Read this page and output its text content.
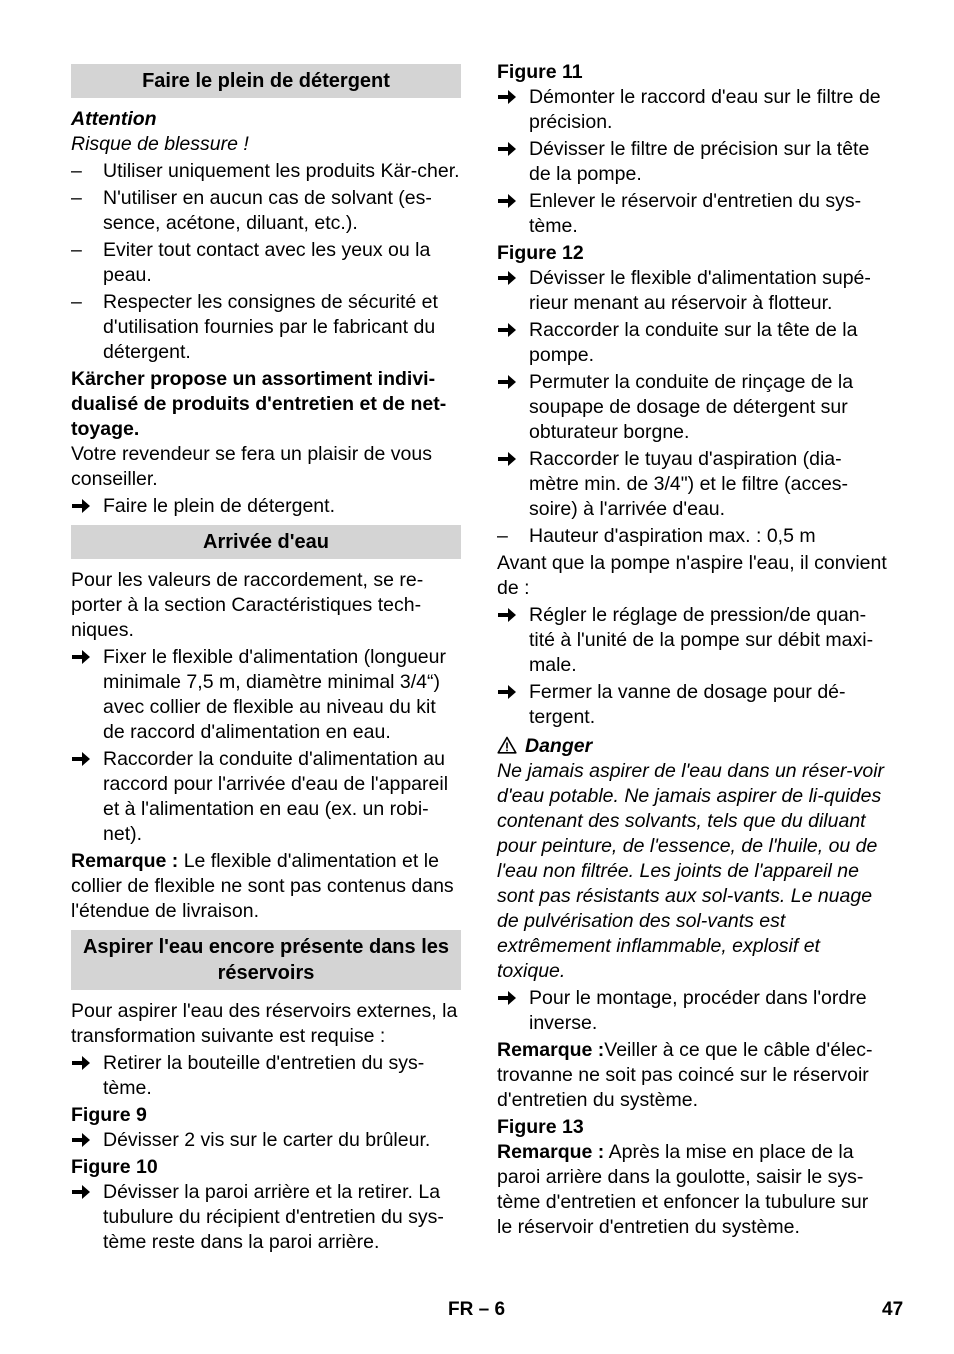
Faire le plein de détergent

Attention

Risque de blessure !

–	Utiliser uniquement les produits Kär-cher.
–	N'utiliser en aucun cas de solvant (es-sence, acétone, diluant, etc.).
–	Eviter tout contact avec les yeux ou la peau.
–	Respecter les consignes de sécurité et d'utilisation fournies par le fabricant du détergent.

Kärcher propose un assortiment indivi-dualisé de produits d'entretien et de net-toyage.

Votre revendeur se fera un plaisir de vous conseiller.

Faire le plein de détergent.
Arrivée d'eau

Pour les valeurs de raccordement, se re-porter à la section Caractéristiques tech-niques.

Fixer le flexible d'alimentation (longueur minimale 7,5 m, diamètre minimal 3/4“) avec collier de flexible au niveau du kit de raccord d'alimentation en eau.
Raccorder la conduite d'alimentation au raccord pour l'arrivée d'eau de l'appareil et à l'alimentation en eau (ex. un robi-net).

Remarque : Le flexible d'alimentation et le collier de flexible ne sont pas contenus dans l'étendue de livraison.

Aspirer l'eau encore présente dans les réservoirs

Pour aspirer l'eau des réservoirs externes, la transformation suivante est requise :

Retirer la bouteille d'entretien du sys-tème.

Figure 9

Dévisser 2 vis sur le carter du brûleur.

Figure 10

Dévisser la paroi arrière et la retirer. La tubulure du récipient d'entretien du sys-tème reste dans la paroi arrière.

Figure 11

Démonter le raccord d'eau sur le filtre de précision.
Dévisser le filtre de précision sur la tête de la pompe.
Enlever le réservoir d'entretien du sys-tème.

Figure 12

Dévisser le flexible d'alimentation supé-rieur menant au réservoir à flotteur.
Raccorder la conduite sur la tête de la pompe.
Permuter la conduite de rinçage de la soupape de dosage de détergent sur obturateur borgne.
Raccorder le tuyau d'aspiration (dia-mètre min. de 3/4") et le filtre (acces-soire) à l'arrivée d'eau.
–	Hauteur d'aspiration max. : 0,5 m

Avant que la pompe n'aspire l'eau, il convient de :

Régler le réglage de pression/de quan-tité à l'unité de la pompe sur débit maxi-male.
Fermer la vanne de dosage pour dé-tergent.

Danger

Ne jamais aspirer de l'eau dans un réser-voir d'eau potable. Ne jamais aspirer de li-quides contenant des solvants, tels que du diluant pour peinture, de l'essence, de l'huile, ou de l'eau non filtrée. Les joints de l'appareil ne sont pas résistants aux sol-vants. Le nuage de pulvérisation des sol-vants est extrêmement inflammable, explosif et toxique.

Pour le montage, procéder dans l'ordre inverse.

Remarque :Veiller à ce que le câble d'élec-trovanne ne soit pas coincé sur le réservoir d'entretien du système.

Figure 13

Remarque : Après la mise en place de la paroi arrière dans la goulotte, saisir le sys-tème d'entretien et enfoncer la tubulure sur le réservoir d'entretien du système.

FR – 6	47
